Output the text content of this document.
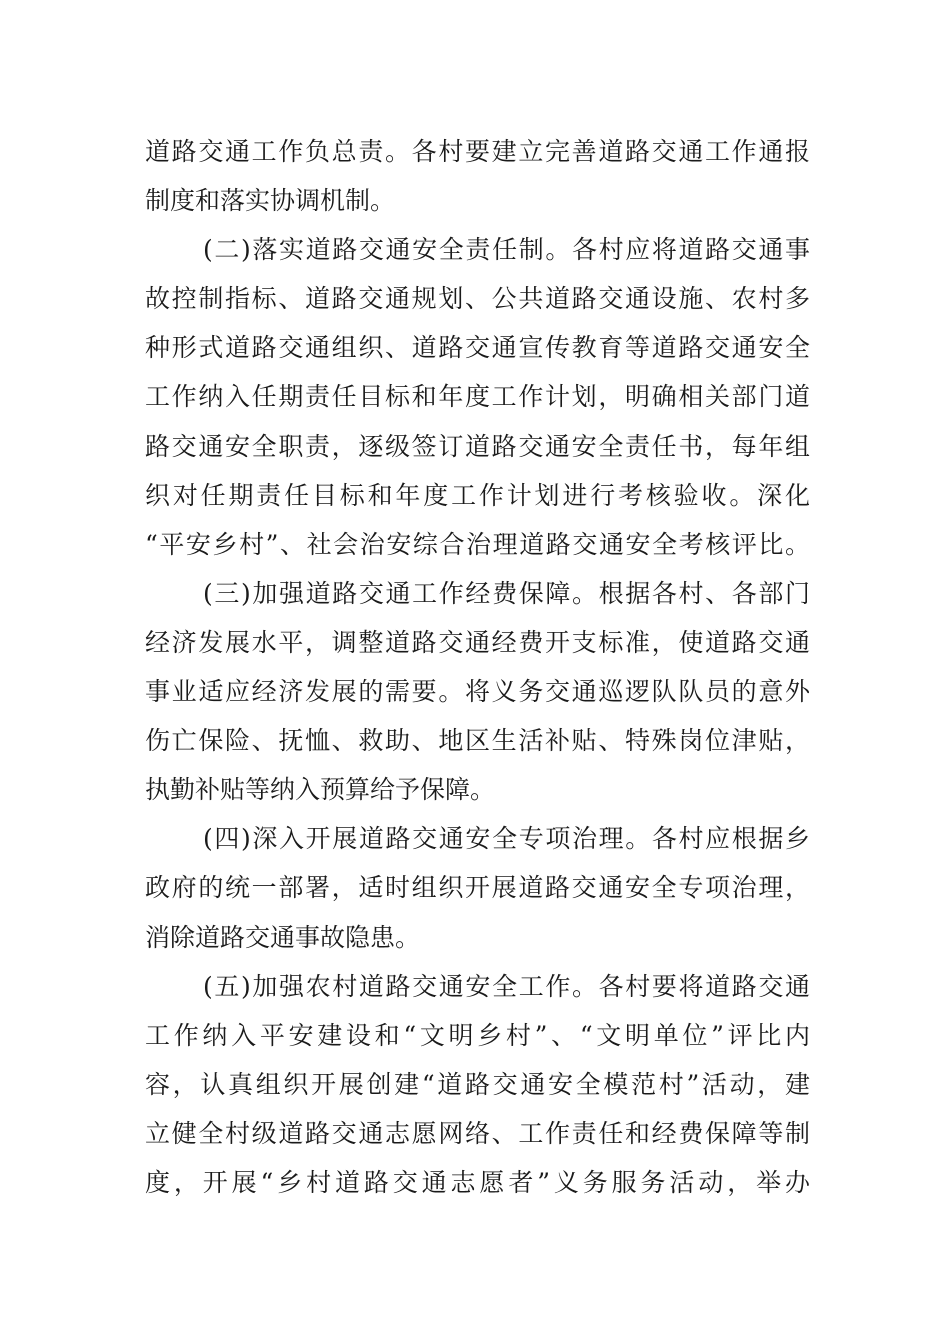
道路交通工作负总责。各村要建立完善道路交通工作通报
制度和落实协调机制。
(二)落实道路交通安全责任制。各村应将道路交通事
故控制指标、道路交通规划、公共道路交通设施、农村多
种形式道路交通组织、道路交通宣传教育等道路交通安全
工作纳入任期责任目标和年度工作计划，明确相关部门道
路交通安全职责，逐级签订道路交通安全责任书，每年组
织对任期责任目标和年度工作计划进行考核验收。深化
“平安乡村”、社会治安综合治理道路交通安全考核评比。
(三)加强道路交通工作经费保障。根据各村、各部门
经济发展水平，调整道路交通经费开支标准，使道路交通
事业适应经济发展的需要。将义务交通巡逻队队员的意外
伤亡保险、抚恤、救助、地区生活补贴、特殊岗位津贴，
执勤补贴等纳入预算给予保障。
(四)深入开展道路交通安全专项治理。各村应根据乡
政府的统一部署，适时组织开展道路交通安全专项治理，
消除道路交通事故隐患。
(五)加强农村道路交通安全工作。各村要将道路交通
工作纳入平安建设和“文明乡村”、“文明单位”评比内
容，认真组织开展创建“道路交通安全模范村”活动，建
立健全村级道路交通志愿网络、工作责任和经费保障等制
度，开展“乡村道路交通志愿者”义务服务活动，举办
